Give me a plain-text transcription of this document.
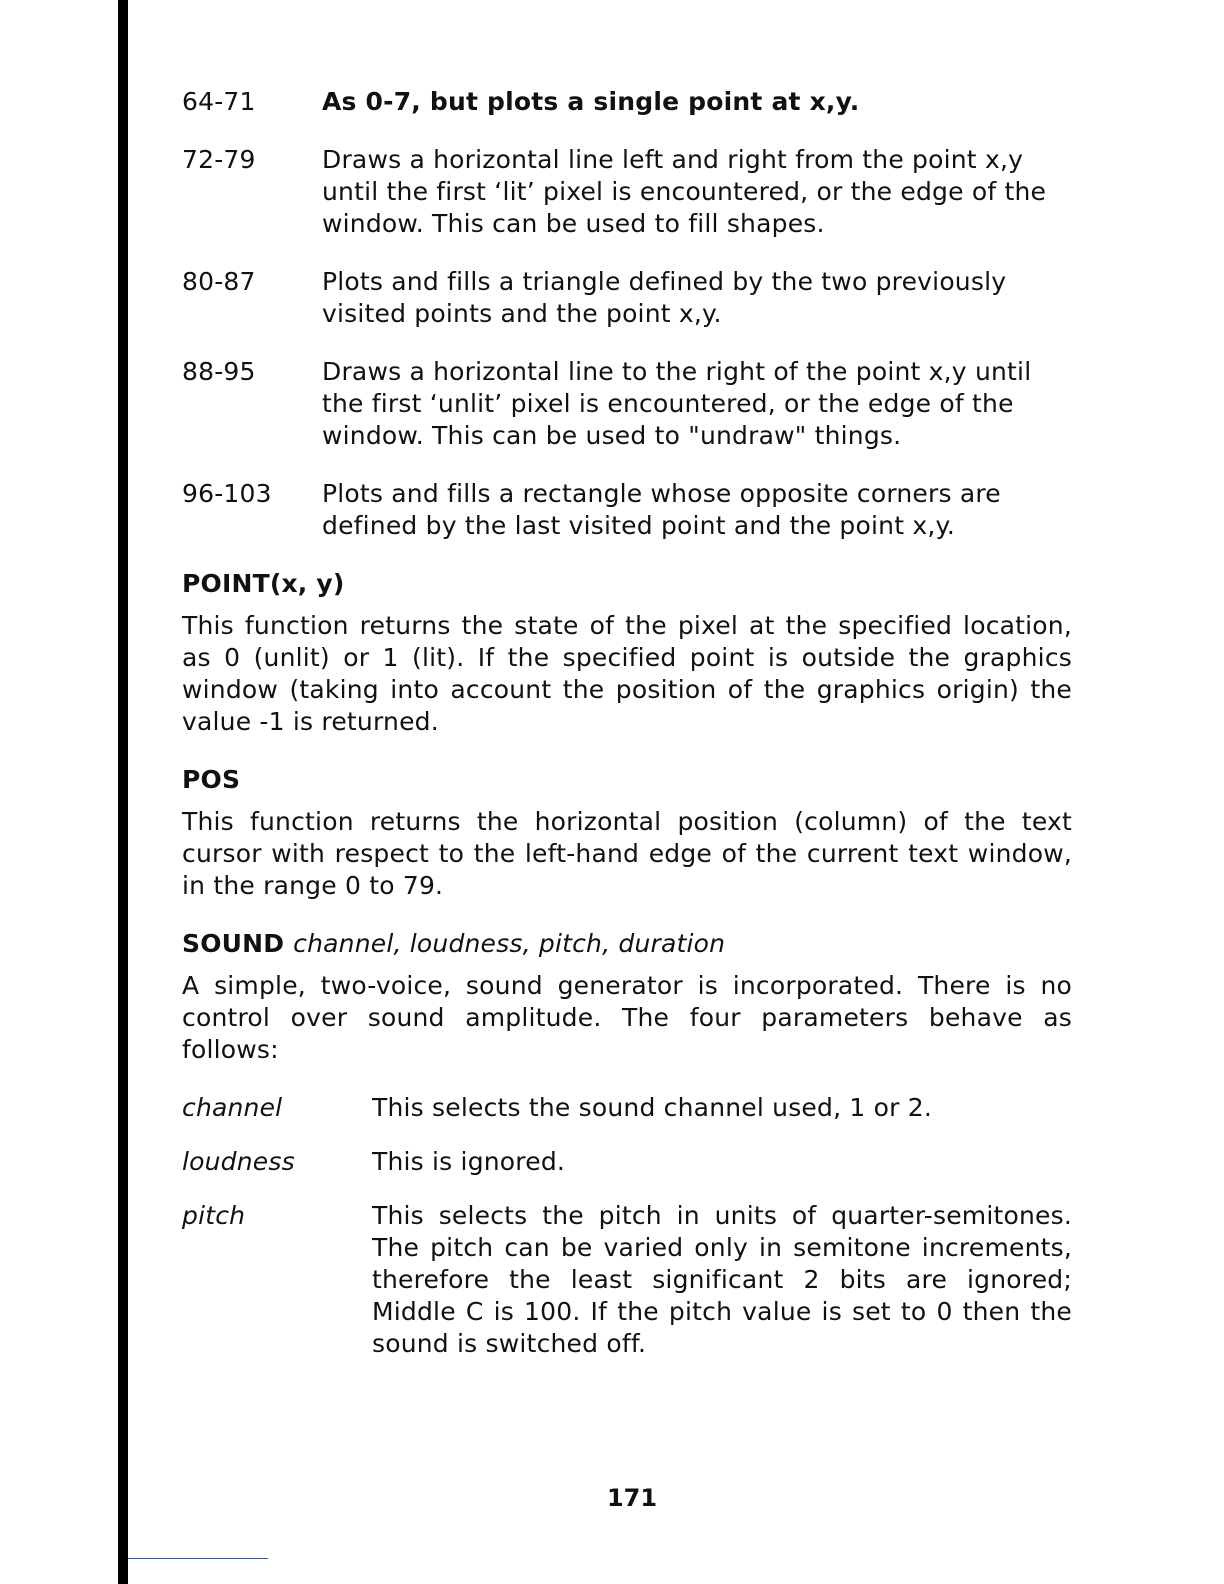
64-71	As 0-7, but plots a single point at x,y.
72-79	Draws a horizontal line left and right from the point x,y until the first ‘lit’ pixel is encountered, or the edge of the window. This can be used to fill shapes.
80-87	Plots and fills a triangle defined by the two previously visited points and the point x,y.
88-95	Draws a horizontal line to the right of the point x,y until the first ‘unlit’ pixel is encountered, or the edge of the window. This can be used to "undraw" things.
96-103	Plots and fills a rectangle whose opposite corners are defined by the last visited point and the point x,y.
POINT(x, y)
This function returns the state of the pixel at the specified location, as 0 (unlit) or 1 (lit). If the specified point is outside the graphics window (taking into account the position of the graphics origin) the value -1 is returned.
POS
This function returns the horizontal position (column) of the text cursor with respect to the left-hand edge of the current text window, in the range 0 to 79.
SOUND channel, loudness, pitch, duration
A simple, two-voice, sound generator is incorporated. There is no control over sound amplitude. The four parameters behave as follows:
channel	This selects the sound channel used, 1 or 2.
loudness	This is ignored.
pitch	This selects the pitch in units of quarter-semitones. The pitch can be varied only in semitone increments, therefore the least significant 2 bits are ignored; Middle C is 100. If the pitch value is set to 0 then the sound is switched off.
171
